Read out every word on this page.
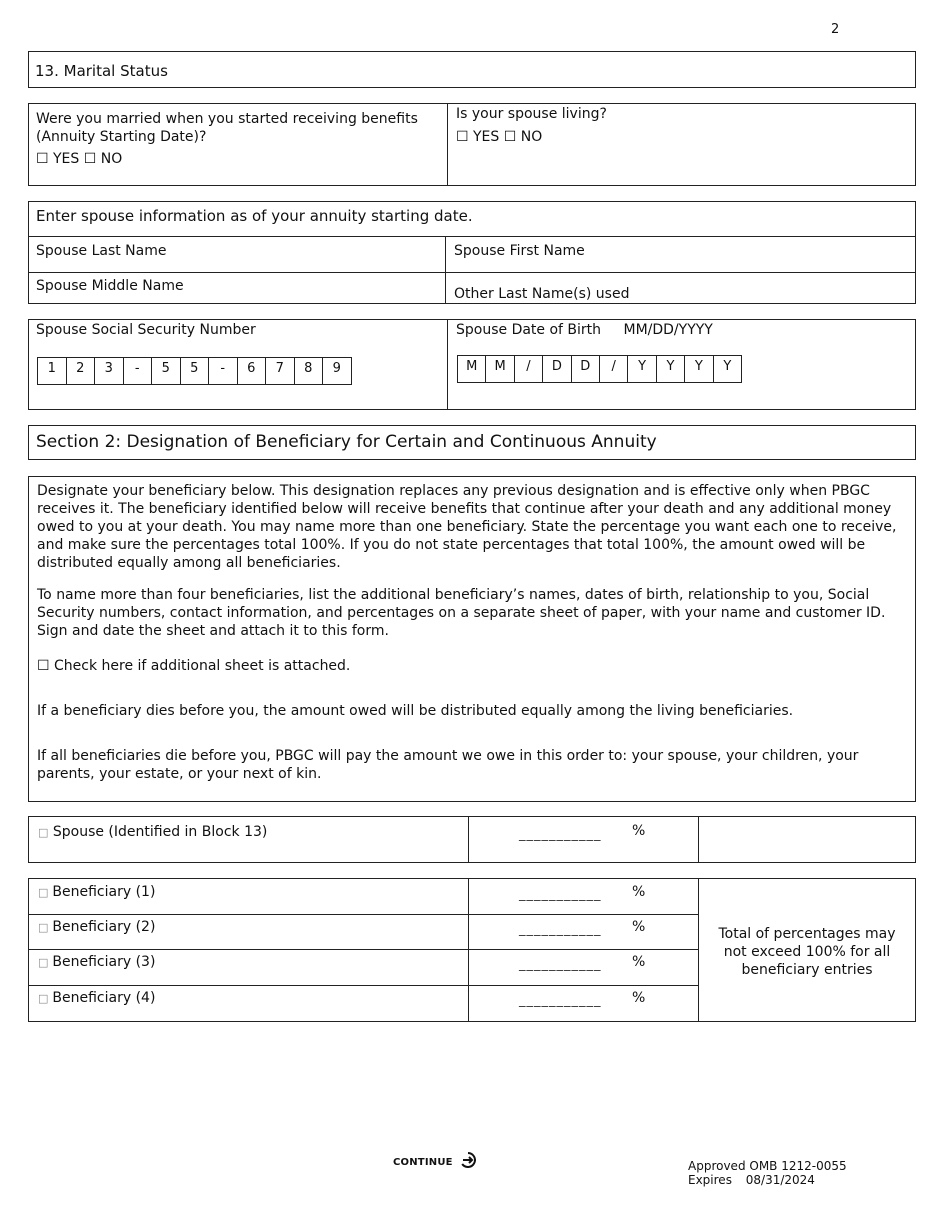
2
13. Marital Status
Were you married when you started receiving benefits (Annuity Starting Date)?
☐ YES ☐ NO
Is your spouse living?
☐ YES ☐ NO
Enter spouse information as of your annuity starting date.
Spouse Last Name	Spouse First Name
Spouse Middle Name	Other Last Name(s) used
Spouse Social Security Number
1	2	3	-	5	5	-	6	7	8	9
Spouse Date of Birth MM/DD/YYYY
M	M	/	D	D	/	Y	Y	Y	Y
Section 2: Designation of Beneficiary for Certain and Continuous Annuity
Designate your beneficiary below. This designation replaces any previous designation and is effective only when PBGC receives it. The beneficiary identified below will receive benefits that continue after your death and any additional money owed to you at your death. You may name more than one beneficiary. State the percentage you want each one to receive, and make sure the percentages total 100%. If you do not state percentages that total 100%, the amount owed will be distributed equally among all beneficiaries.
To name more than four beneficiaries, list the additional beneficiary’s names, dates of birth, relationship to you, Social Security numbers, contact information, and percentages on a separate sheet of paper, with your name and customer ID. Sign and date the sheet and attach it to this form.
☐ Check here if additional sheet is attached.
If a beneficiary dies before you, the amount owed will be distributed equally among the living beneficiaries.
If all beneficiaries die before you, PBGC will pay the amount we owe in this order to: your spouse, your children, your parents, your estate, or your next of kin.
□ Spouse (Identified in Block 13)	___________ %
□ Beneficiary (1)	___________ %
□ Beneficiary (2)	___________ %
□ Beneficiary (3)	___________ %
□ Beneficiary (4)	___________ %
Total of percentages may not exceed 100% for all beneficiary entries
CONTINUE	Approved OMB 1212-0055
Expires 08/31/2024
